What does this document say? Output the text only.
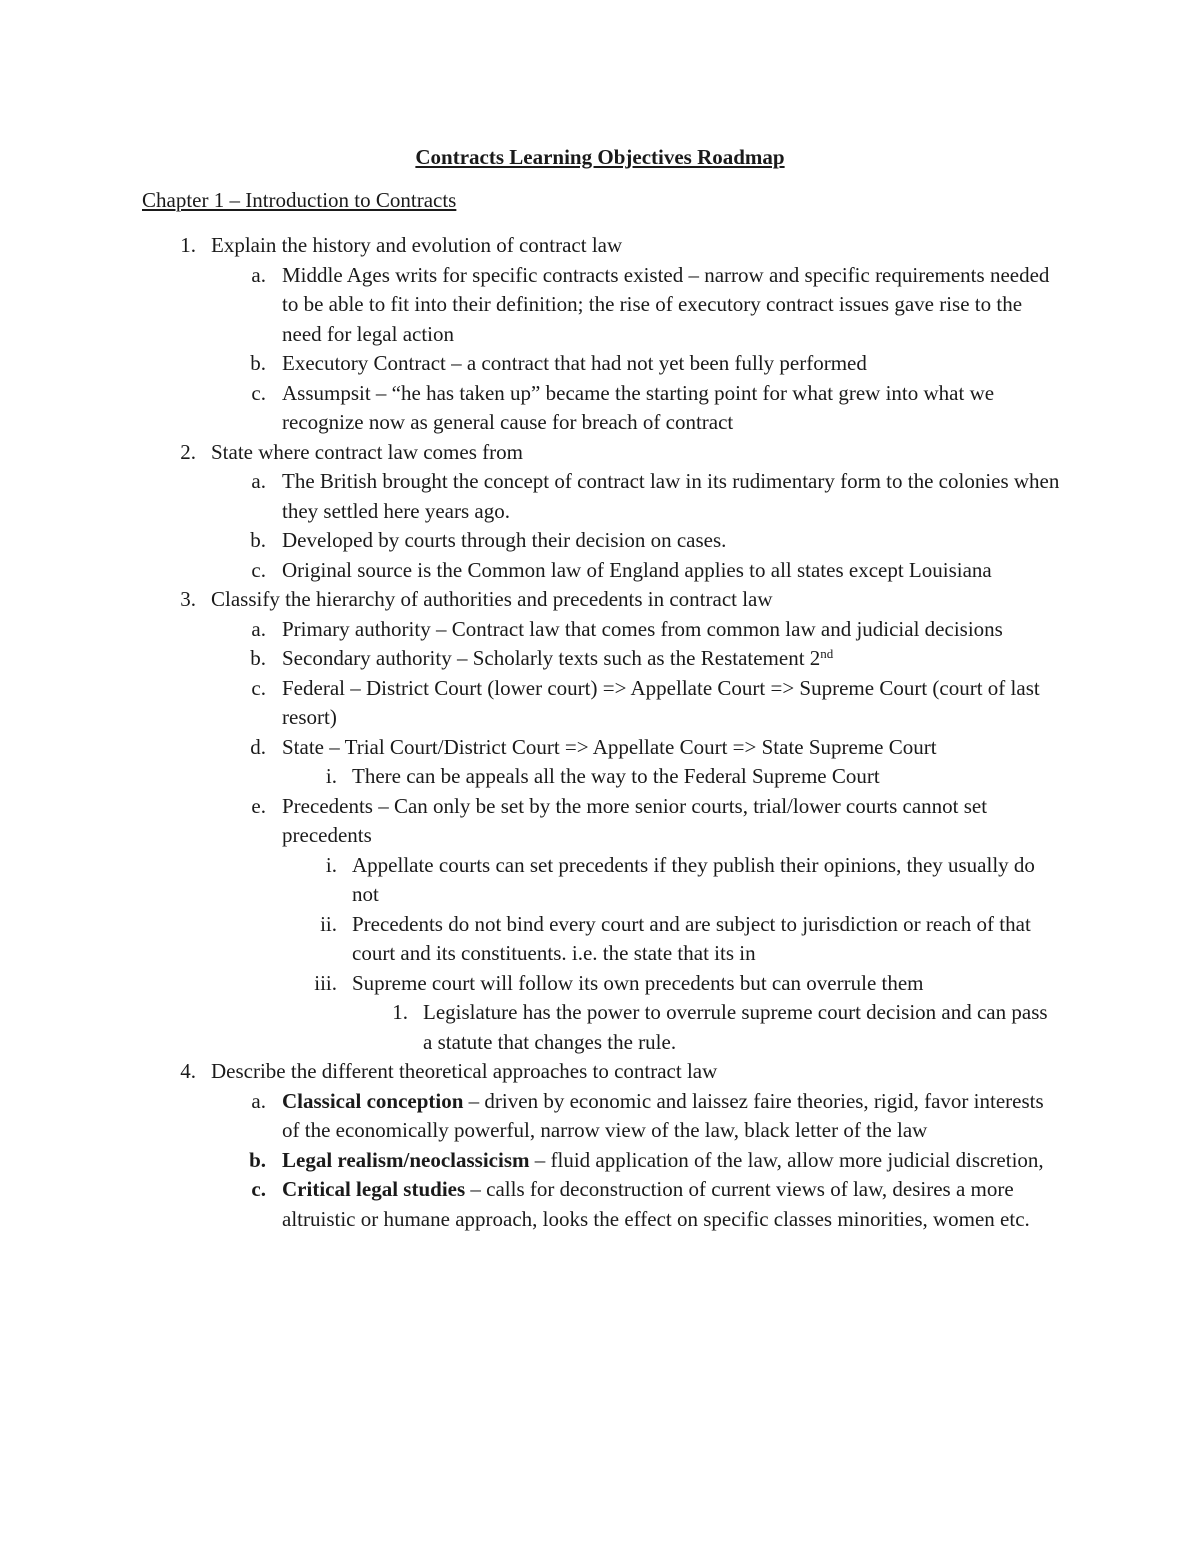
Contracts Learning Objectives Roadmap
Chapter 1 – Introduction to Contracts
1. Explain the history and evolution of contract law
a. Middle Ages writs for specific contracts existed – narrow and specific requirements needed to be able to fit into their definition; the rise of executory contract issues gave rise to the need for legal action
b. Executory Contract – a contract that had not yet been fully performed
c. Assumpsit – “he has taken up” became the starting point for what grew into what we recognize now as general cause for breach of contract
2. State where contract law comes from
a. The British brought the concept of contract law in its rudimentary form to the colonies when they settled here years ago.
b. Developed by courts through their decision on cases.
c. Original source is the Common law of England applies to all states except Louisiana
3. Classify the hierarchy of authorities and precedents in contract law
a. Primary authority – Contract law that comes from common law and judicial decisions
b. Secondary authority – Scholarly texts such as the Restatement 2nd
c. Federal – District Court (lower court) => Appellate Court => Supreme Court (court of last resort)
d. State – Trial Court/District Court => Appellate Court => State Supreme Court
i. There can be appeals all the way to the Federal Supreme Court
e. Precedents – Can only be set by the more senior courts, trial/lower courts cannot set precedents
i. Appellate courts can set precedents if they publish their opinions, they usually do not
ii. Precedents do not bind every court and are subject to jurisdiction or reach of that court and its constituents. i.e. the state that its in
iii. Supreme court will follow its own precedents but can overrule them
1. Legislature has the power to overrule supreme court decision and can pass a statute that changes the rule.
4. Describe the different theoretical approaches to contract law
a. Classical conception – driven by economic and laissez faire theories, rigid, favor interests of the economically powerful, narrow view of the law, black letter of the law
b. Legal realism/neoclassicism – fluid application of the law, allow more judicial discretion,
c. Critical legal studies – calls for deconstruction of current views of law, desires a more altruistic or humane approach, looks the effect on specific classes minorities, women etc.
